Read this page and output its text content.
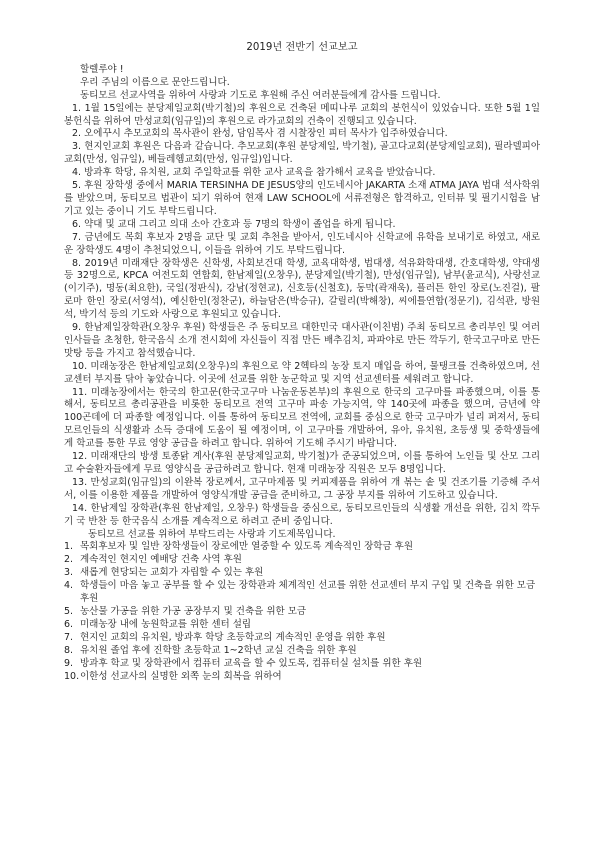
2019년 전반기 선교보고

할렐루야 !

우리 주님의 이름으로 문안드립니다.

동티모르 선교사역을 위하여 사랑과 기도로 후원해 주신 여러분들에게 감사를 드립니다.

1. 1월 15일에는 분당제일교회(박기철)의 후원으로 건축된 메띠나루 교회의 봉헌식이 있었습니다. 또한 5월 1일 봉헌식을 위하여 만성교회(임규일)의 후원으로 라가교회의 건축이 진행되고 있습니다.

2. 오에꾸시 추모교회의 목사관이 완성, 담임목사 겸 시찰장인 피터 목사가 입주하였습니다.

3. 현지인교회 후원은 다음과 같습니다. 추모교회(후원 분당제일, 박기철), 골고다교회(분당제일교회), 필라델피아교회(만성, 임규일), 베들레헴교회(만성, 임규일)입니다.

4. 방과후 학당, 유치원, 교회 주일학교를 위한 교사 교육을 참가해서 교육을 받았습니다.

5. 후원 장학생 중에서 MARIA TERSINHA DE JESUS양의 인도네시아 JAKARTA 소재 ATMA JAYA 법대 석사학위를 받았으며, 동티모르 법관이 되기 위하여 현재 LAW SCHOOL에 서류전형은 합격하고, 인터뷰 및 필기시험을 남기고 있는 중이니 기도 부탁드립니다.

6. 약대 및 교대 그리고 의대 소아 간호과 등 7명의 학생이 졸업을 하게 됩니다.

7. 금년에도 목회 후보자 2명을 교단 및 교회 추천을 받아서, 인도네시아 신학교에 유학을 보내기로 하였고, 새로운 장학생도 4명이 추천되었으니, 이들을 위하여 기도 부탁드립니다.

8. 2019년 미래재단 장학생은 신학생, 사회보건대 학생, 교육대학생, 법대생, 석유화학대생, 간호대학생, 약대생 등 32명으로, KPCA 여전도회 연합회, 한남제일(오창우), 분당제일(박기철), 만성(임규일), 남부(윤교식), 사랑선교(이기주), 명동(최요한), 국일(정판식), 강남(정현교), 신호등(신철호), 동막(곽재욱), 플러튼 한인 장로(노진걸), 팔로마 한인 장로(서영석), 예신한인(정찬군), 하늘담은(박승규), 갈릴리(박해창), 씨에틀연합(정문기), 김석관, 방원석, 박기석 등의 기도와 사랑으로 후원되고 있습니다.

9. 한남제일장학관(오창우 후원) 학생들은 주 동티모르 대한민국 대사관(이친범) 주최 동티모르 총리부인 및 여러 인사들을 초청한, 한국음식 소개 전시회에 자신들이 직접 만든 배추김치, 파파야로 만든 깍두기, 한국고구마로 만든 맛탕 등을 가지고 참석했습니다.

10. 미래농장은 한남제일교회(오창우)의 후원으로 약 2헥타의 농장 토지 매입을 하여, 물탱크를 건축하였으며, 선교센터 부지를 닦아 놓았습니다. 이곳에 선교를 위한 농군학교 및 지역 선교센터를 세워려고 합니다.

11. 미래농장에서는 한국의 한고문(한국고구마 나눔운동본부)의 후원으로 한국의 고구마를 파종했으며, 이를 통해서, 동티모르 총리공관을 비롯한 동티모르 전역 고구마 파송 가능지역, 약 140곳에 파종을 했으며, 금년에 약 100곤데에 더 파종할 예정입니다. 이를 통하여 동티모르 전역에, 교회를 중심으로 한국 고구마가 널리 퍼져서, 동티모르인들의 식생활과 소득 증대에 도움이 될 예정이며, 이 고구마를 개발하여, 유아, 유치원, 초등생 및 중학생들에게 학교를 통한 무료 영양 공급을 하려고 합니다. 위하여 기도해 주시기 바랍니다.

12. 미래재단의 방생 토종닭 계사(후원 분당제일교회, 박기철)가 준공되었으며, 이를 통하여 노인들 및 산모 그리고 수술환자들에게 무료 영양식을 공급하려고 합니다. 현재 미래농장 직원은 모두 8명입니다.

13. 만성교회(임규일)의 이완복 장로께서, 고구마제품 및 커피제품을 위하여 개 볶는 솥 및 건조기를 기증해 주셔서, 이를 이용한 제품을 개발하여 영양식개발 공급을 준비하고, 그 공장 부지를 위하여 기도하고 있습니다.

14. 한남제일 장학관(후원 한남제일, 오창우) 학생들을 중심으로, 동티모르인들의 식생활 개선을 위한, 김치 깍두기 국 반찬 등 한국음식 소개를 계속적으로 하려고 준비 중입니다.

동티모르 선교를 위하여 부탁드리는 사랑과 기도제목입니다.

1. 목회후보자 및 일반 장학생들이 장로에만 열중할 수 있도록 계속적인 장학금 후원
2. 계속적인 현지인 예배당 건축 사역 후원
3. 새롭게 현당되는 교회가 자립할 수 있는 후원
4. 학생들이 마음 놓고 공부를 할 수 있는 장학관과 체계적인 선교를 위한 선교센터 부지 구입 및 건축을 위한 모금 후원
5. 농산물 가공을 위한 가공 공장부지 및 건축을 위한 모금
6. 미래농장 내에 농원학교를 위한 센터 설립
7. 현지인 교회의 유치원, 방과후 학당 초등학교의 계속적인 운영을 위한 후원
8. 유치원 졸업 후에 진학할 초등학교 1~2학년 교실 건축을 위한 후원
9. 방과후 학교 및 장학관에서 컴퓨터 교육을 할 수 있도록, 컴퓨터실 설치를 위한 후원
10. 이한성 선교사의 실명한 외쪽 눈의 회복을 위하여
